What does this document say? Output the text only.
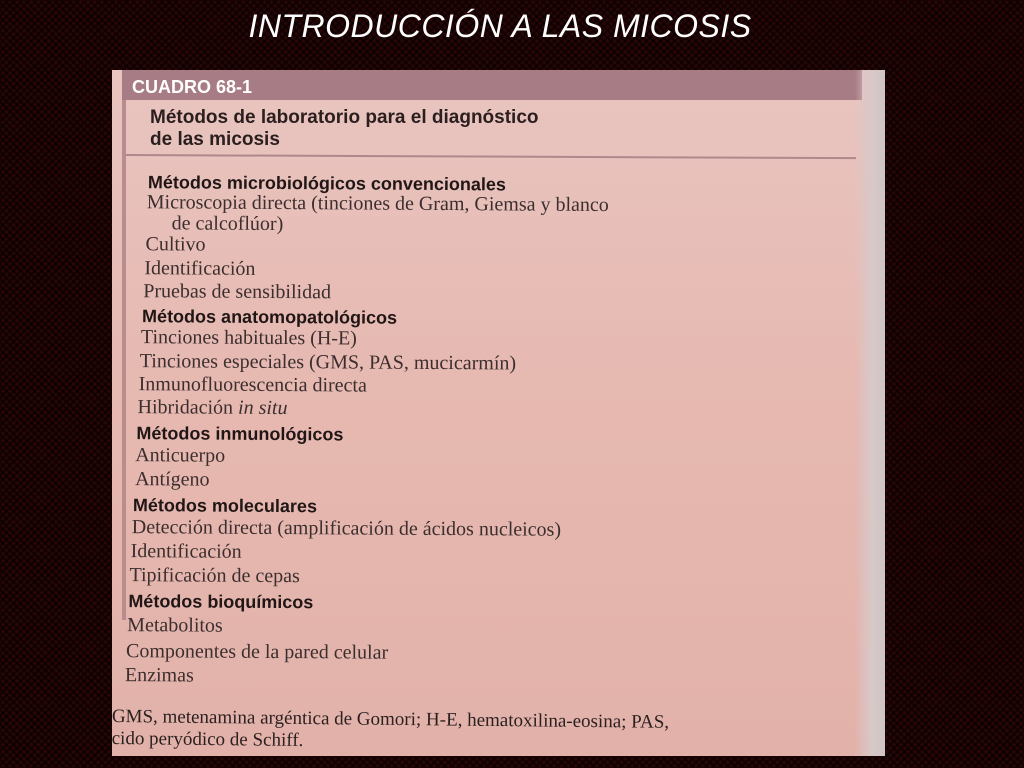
INTRODUCCIÓN A LAS MICOSIS
CUADRO 68-1
Métodos de laboratorio para el diagnóstico
de las micosis
Métodos microbiológicos convencionales
Microscopia directa (tinciones de Gram, Giemsa y blanco
de calcoflúor)
Cultivo
Identificación
Pruebas de sensibilidad
Métodos anatomopatológicos
Tinciones habituales (H-E)
Tinciones especiales (GMS, PAS, mucicarmín)
Inmunofluorescencia directa
Hibridación in situ
Métodos inmunológicos
Anticuerpo
Antígeno
Métodos moleculares
Detección directa (amplificación de ácidos nucleicos)
Identificación
Tipificación de cepas
Métodos bioquímicos
Metabolitos
Componentes de la pared celular
Enzimas
GMS, metenamina argéntica de Gomori; H-E, hematoxilina-eosina; PAS,
cido peryódico de Schiff.
